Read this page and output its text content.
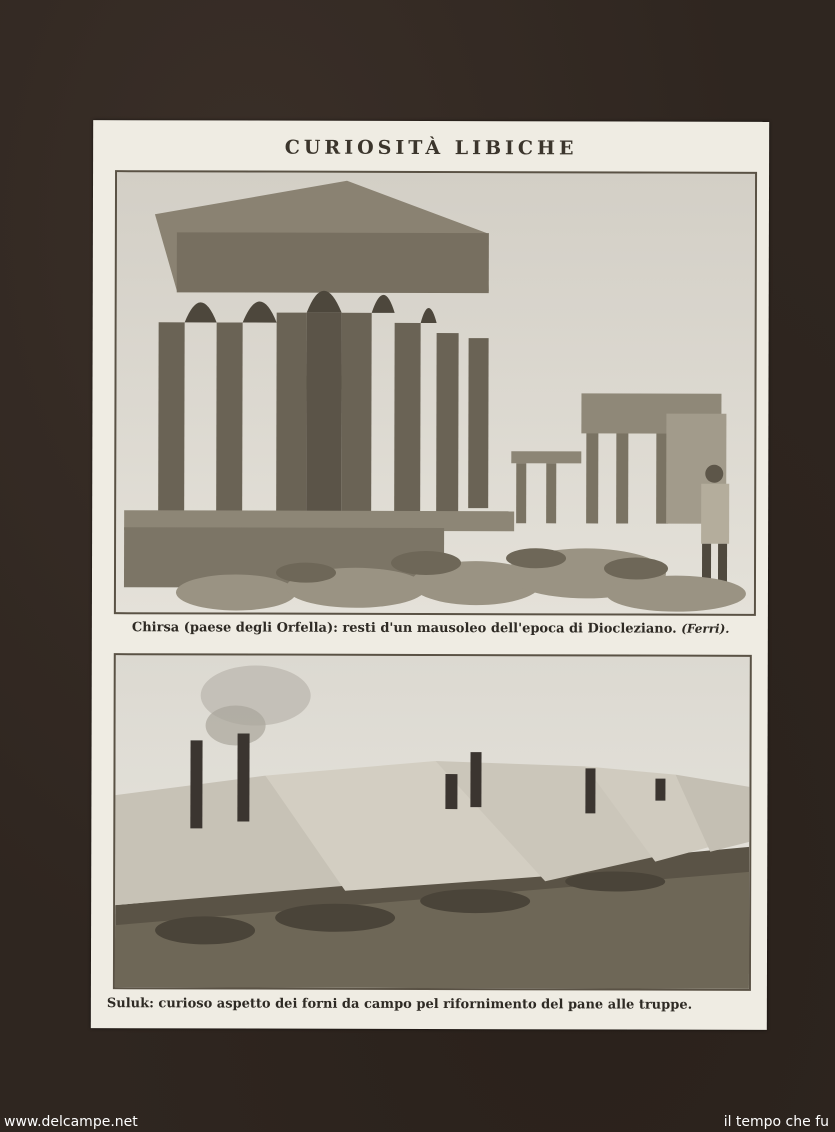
CURIOSITÀ LIBICHE
Chirsa (paese degli Orfella): resti d'un mausoleo dell'epoca di Diocleziano. (Ferri).
Suluk: curioso aspetto dei forni da campo pel rifornimento del pane alle truppe.
www.delcampe.net	il tempo che fu
